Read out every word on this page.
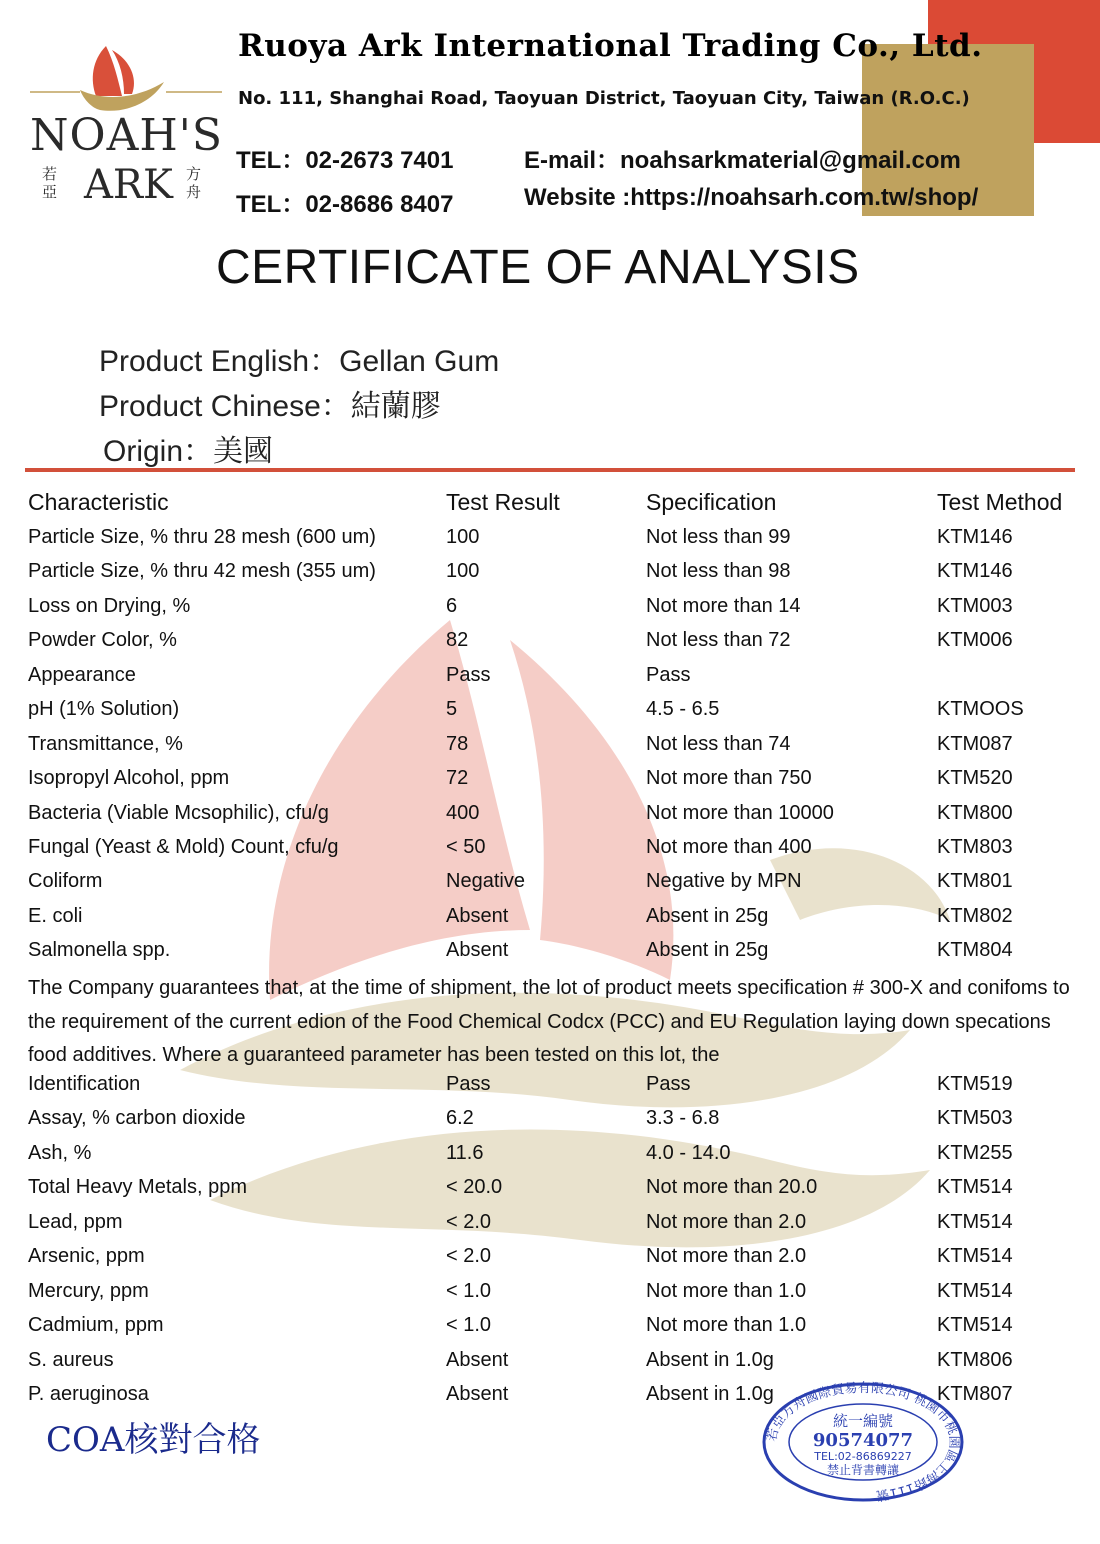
NOAH'S
ARK
若亞
方舟
Ruoya Ark International Trading Co., Ltd.
No. 111, Shanghai Road, Taoyuan District, Taoyuan City, Taiwan (R.O.C.)
TEL：02-2673 7401
TEL：02-8686 8407
E-mail：noahsarkmaterial@gmail.com
Website :https://noahsarh.com.tw/shop/
CERTIFICATE OF ANALYSIS
Product English：Gellan Gum
Product Chinese：結蘭膠
Origin：美國
Characteristic	Test Result	Specification	Test Method
Particle Size, % thru 28 mesh (600 um)	100	Not less than 99	KTM146
Particle Size, % thru 42 mesh (355 um)	100	Not less than 98	KTM146
Loss on Drying, %	6	Not more than 14	KTM003
Powder Color, %	82	Not less than 72	KTM006
Appearance	Pass	Pass
pH (1% Solution)	5	4.5 - 6.5	KTMOOS
Transmittance, %	78	Not less than 74	KTM087
Isopropyl Alcohol, ppm	72	Not more than 750	KTM520
Bacteria (Viable Mcsophilic), cfu/g	400	Not more than 10000	KTM800
Fungal (Yeast & Mold) Count, cfu/g	< 50	Not more than 400	KTM803
Coliform	Negative	Negative by MPN	KTM801
E. coli	Absent	Absent in 25g	KTM802
Salmonella spp.	Absent	Absent in 25g	KTM804
The Company guarantees that, at the time of shipment, the lot of product meets specification # 300-X and conifoms to the requirement of the current edion of the Food Chemical Codcx (PCC) and EU Regulation laying down specations food additives. Where a guaranteed parameter has been tested on this lot, the
Identification	Pass	Pass	KTM519
Assay, % carbon dioxide	6.2	3.3 - 6.8	KTM503
Ash, %	11.6	4.0 - 14.0	KTM255
Total Heavy Metals, ppm	< 20.0	Not more than 20.0	KTM514
Lead, ppm	< 2.0	Not more than 2.0	KTM514
Arsenic, ppm	< 2.0	Not more than 2.0	KTM514
Mercury, ppm	< 1.0	Not more than 1.0	KTM514
Cadmium, ppm	< 1.0	Not more than 1.0	KTM514
S. aureus	Absent	Absent in 1.0g	KTM806
P. aeruginosa	Absent	Absent in 1.0g	KTM807
COA核對合格	若亞方舟國際貿易有限公司 桃園市桃園區上海路111號
統一編號
90574077
TEL:02-86869227
禁止背書轉讓
